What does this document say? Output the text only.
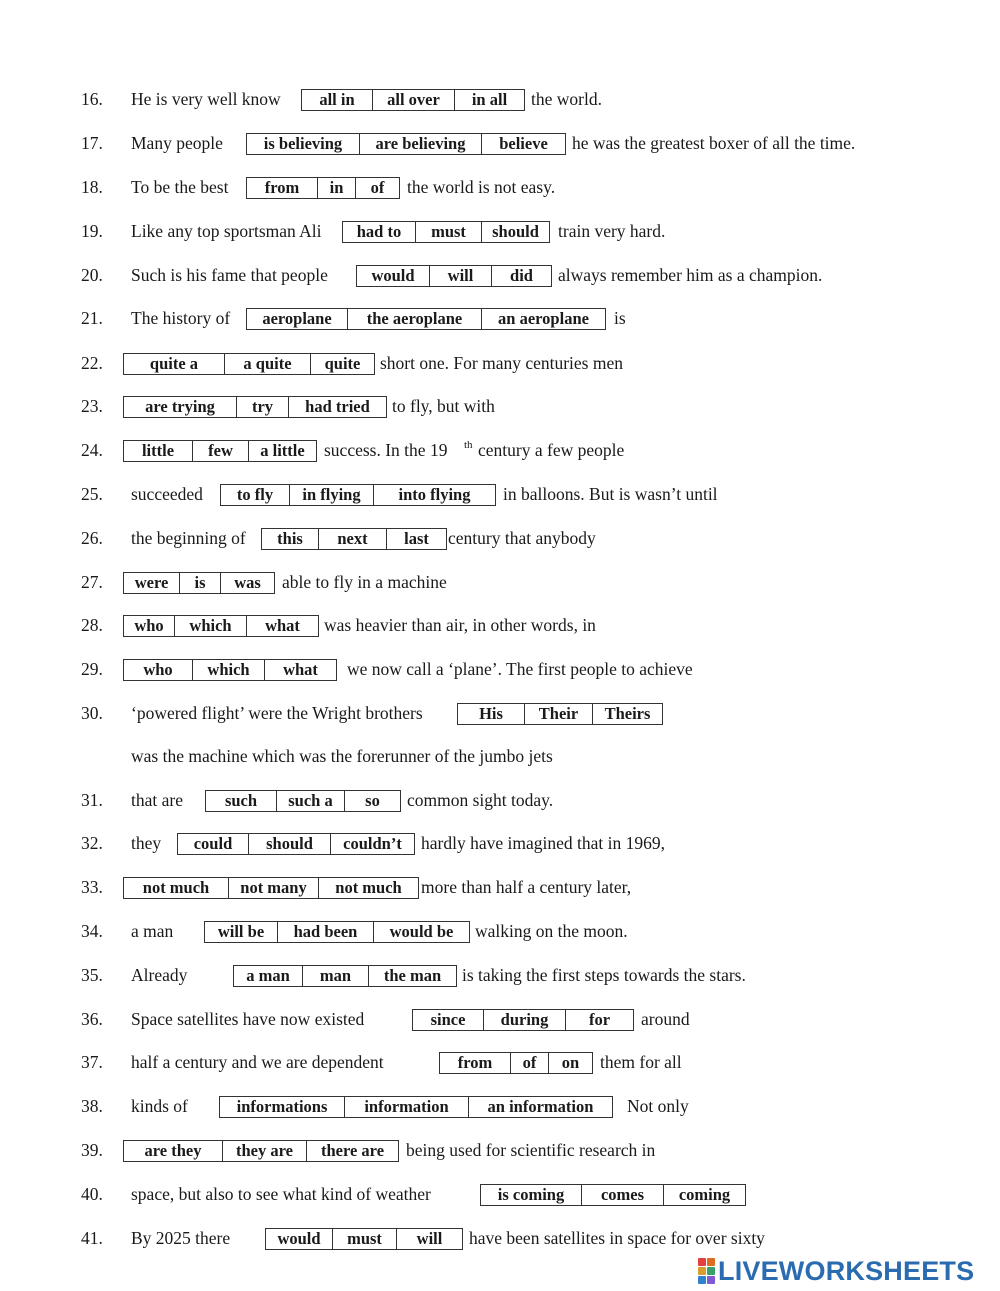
16. He is very well know	all in	all over	in all	the world.
17. Many people	is believing	are believing	believe	he was the greatest boxer of all the time.
18. To be the best	from	in	of	the world is not easy.
19. Like any top sportsman Ali	had to	must	should	train very hard.
20. Such is his fame that people	would	will	did	always remember him as a champion.
21. The history of	aeroplane	the aeroplane	an aeroplane	is
22.	quite a	a quite	quite	short one. For many centuries men
23.	are trying	try	had tried	to fly, but with
24.	little	few	a little	success. In the 19 th century a few people
25. succeeded	to fly	in flying	into flying	in balloons. But is wasn’t until
26. the beginning of	this	next	last	century that anybody
27.	were	is	was	able to fly in a machine
28.	who	which	what	was heavier than air, in other words, in
29.	who	which	what	we now call a ‘plane’. The first people to achieve
30. ‘powered flight’ were the Wright brothers	His	Their	Theirs
was the machine which was the forerunner of the jumbo jets
31. that are	such	such a	so	common sight today.
32. they	could	should	couldn’t	hardly have imagined that in 1969,
33.	not much	not many	not much	more than half a century later,
34. a man	will be	had been	would be	walking on the moon.
35. Already	a man	man	the man	is taking the first steps towards the stars.
36. Space satellites have now existed	since	during	for	around
37. half a century and we are dependent	from	of	on	them for all
38. kinds of	informations	information	an information	Not only
39.	are they	they are	there are	being used for scientific research in
40. space, but also to see what kind of weather	is coming	comes	coming
41. By 2025 there	would	must	will	have been satellites in space for over sixty
LIVEWORKSHEETS
